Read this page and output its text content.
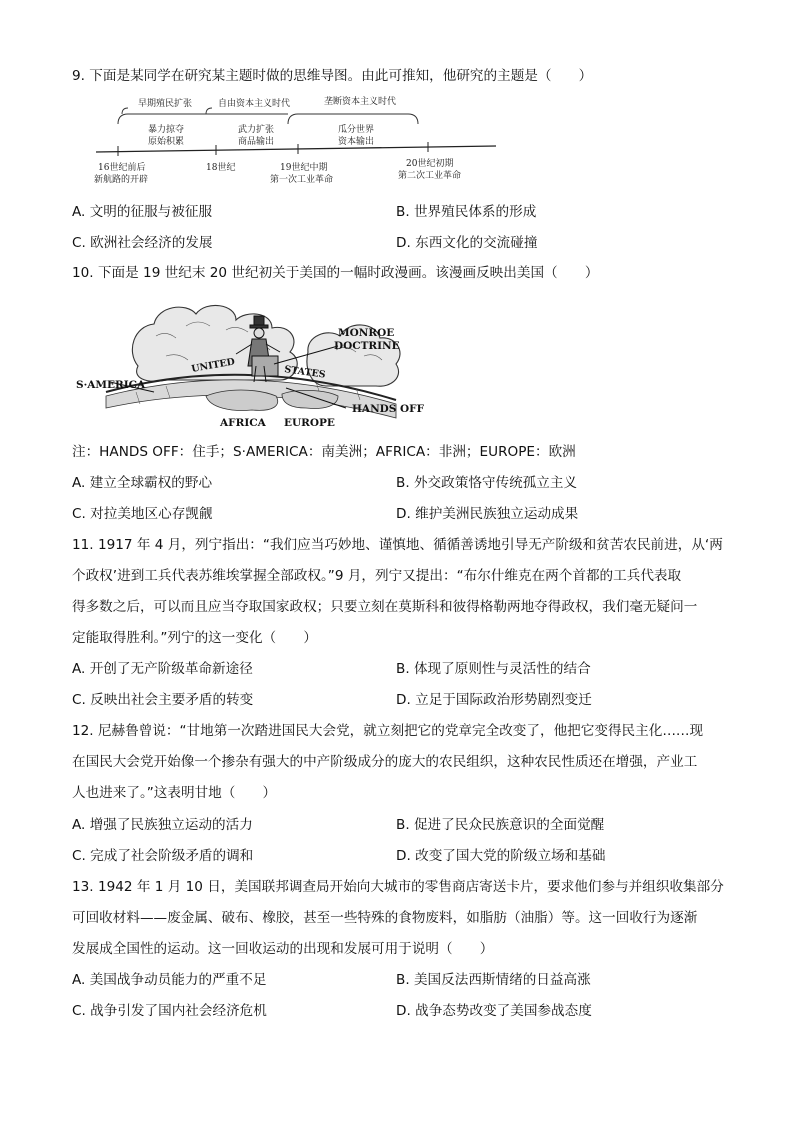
9. 下面是某同学在研究某主题时做的思维导图。由此可推知，他研究的主题是（　　）
早期殖民扩张	自由资本主义时代	垄断资本主义时代
暴力掠夺
原始积累
武力扩张
商品输出
瓜分世界
资本输出
16世纪前后
新航路的开辟
18世纪	19世纪中期
第一次工业革命
20世纪初期
第二次工业革命
A. 文明的征服与被征服	B. 世界殖民体系的形成
C. 欧洲社会经济的发展	D. 东西文化的交流碰撞
10. 下面是 19 世纪末 20 世纪初关于美国的一幅时政漫画。该漫画反映出美国（　　）
MONROE
DOCTRINE
S·AMERICA
UNITED	STATES
HANDS OFF
AFRICA EUROPE
注：HANDS OFF：住手；S·AMERICA：南美洲；AFRICA：非洲；EUROPE：欧洲
A. 建立全球霸权的野心	B. 外交政策恪守传统孤立主义
C. 对拉美地区心存觊觎	D. 维护美洲民族独立运动成果
11. 1917 年 4 月，列宁指出：“我们应当巧妙地、谨慎地、循循善诱地引导无产阶级和贫苦农民前进，从‘两
个政权’进到工兵代表苏维埃掌握全部政权。”9 月，列宁又提出：“布尔什维克在两个首都的工兵代表取
得多数之后，可以而且应当夺取国家政权；只要立刻在莫斯科和彼得格勒两地夺得政权，我们毫无疑问一
定能取得胜利。”列宁的这一变化（　　）
A. 开创了无产阶级革命新途径	B. 体现了原则性与灵活性的结合
C. 反映出社会主要矛盾的转变	D. 立足于国际政治形势剧烈变迁
12. 尼赫鲁曾说：“甘地第一次踏进国民大会党，就立刻把它的党章完全改变了，他把它变得民主化……现
在国民大会党开始像一个掺杂有强大的中产阶级成分的庞大的农民组织，这种农民性质还在增强，产业工
人也进来了。”这表明甘地（　　）
A. 增强了民族独立运动的活力	B. 促进了民众民族意识的全面觉醒
C. 完成了社会阶级矛盾的调和	D. 改变了国大党的阶级立场和基础
13. 1942 年 1 月 10 日，美国联邦调查局开始向大城市的零售商店寄送卡片，要求他们参与并组织收集部分
可回收材料——废金属、破布、橡胶，甚至一些特殊的食物废料，如脂肪（油脂）等。这一回收行为逐渐
发展成全国性的运动。这一回收运动的出现和发展可用于说明（　　）
A. 美国战争动员能力的严重不足	B. 美国反法西斯情绪的日益高涨
C. 战争引发了国内社会经济危机	D. 战争态势改变了美国参战态度
